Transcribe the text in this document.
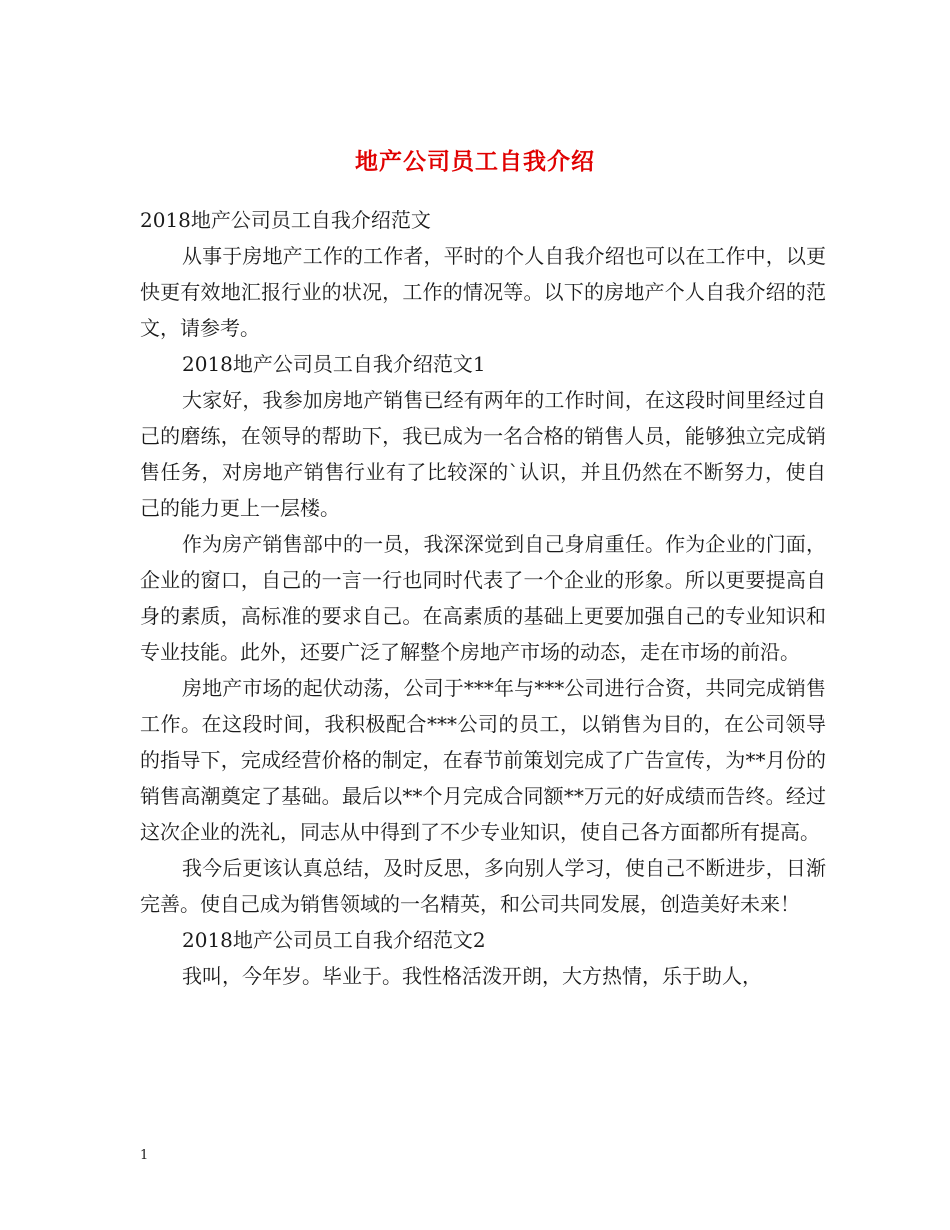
地产公司员工自我介绍

2018地产公司员工自我介绍范文

从事于房地产工作的工作者，平时的个人自我介绍也可以在工作中，以更快更有效地汇报行业的状况，工作的情况等。以下的房地产个人自我介绍的范文，请参考。

2018地产公司员工自我介绍范文1

大家好，我参加房地产销售已经有两年的工作时间，在这段时间里经过自己的磨练，在领导的帮助下，我已成为一名合格的销售人员，能够独立完成销售任务，对房地产销售行业有了比较深的`认识，并且仍然在不断努力，使自己的能力更上一层楼。

作为房产销售部中的一员，我深深觉到自己身肩重任。作为企业的门面，企业的窗口，自己的一言一行也同时代表了一个企业的形象。所以更要提高自身的素质，高标准的要求自己。在高素质的基础上更要加强自己的专业知识和专业技能。此外，还要广泛了解整个房地产市场的动态，走在市场的前沿。

房地产市场的起伏动荡，公司于***年与***公司进行合资，共同完成销售工作。在这段时间，我积极配合***公司的员工，以销售为目的，在公司领导的指导下，完成经营价格的制定，在春节前策划完成了广告宣传，为**月份的销售高潮奠定了基础。最后以**个月完成合同额**万元的好成绩而告终。经过这次企业的洗礼，同志从中得到了不少专业知识，使自己各方面都所有提高。

我今后更该认真总结，及时反思，多向别人学习，使自己不断进步，日渐完善。使自己成为销售领域的一名精英，和公司共同发展，创造美好未来！

2018地产公司员工自我介绍范文2

我叫，今年岁。毕业于。我性格活泼开朗，大方热情，乐于助人，

1
